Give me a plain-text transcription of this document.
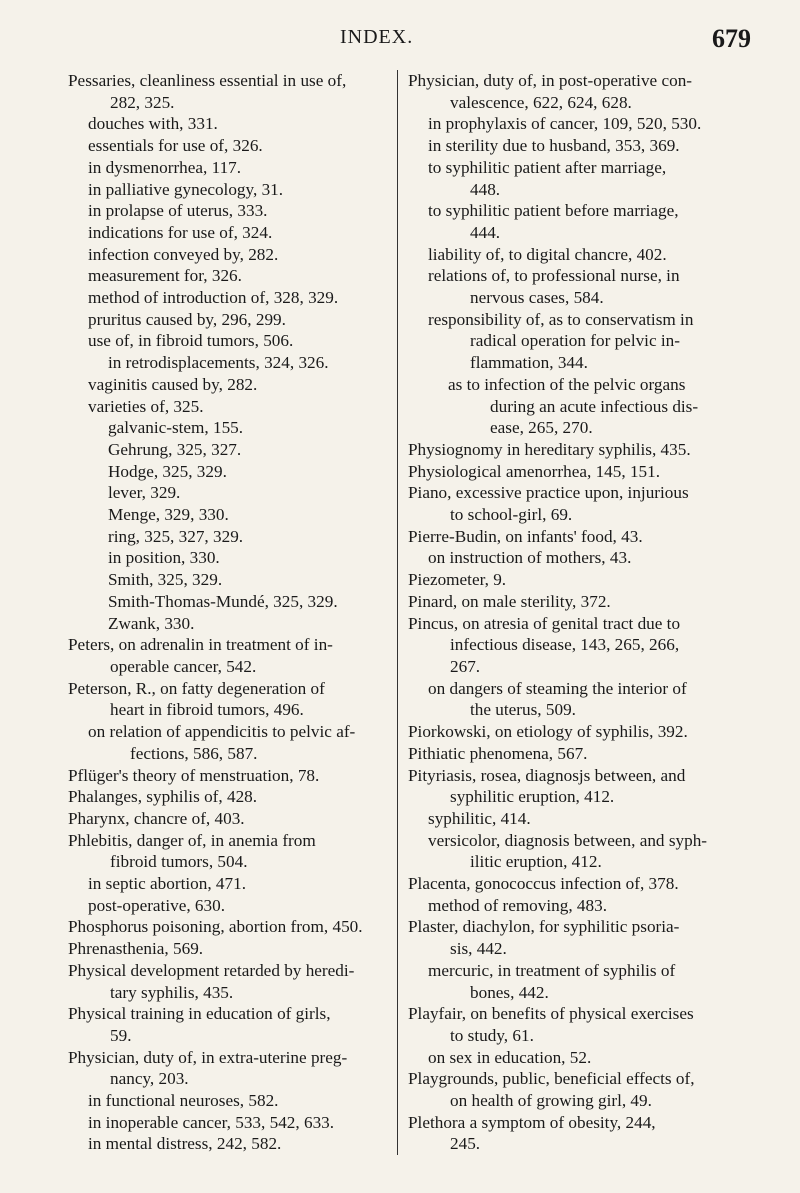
INDEX.	679
Pessaries, cleanliness essential in use of,
282, 325.
douches with, 331.
essentials for use of, 326.
in dysmenorrhea, 117.
in palliative gynecology, 31.
in prolapse of uterus, 333.
indications for use of, 324.
infection conveyed by, 282.
measurement for, 326.
method of introduction of, 328, 329.
pruritus caused by, 296, 299.
use of, in fibroid tumors, 506.
in retrodisplacements, 324, 326.
vaginitis caused by, 282.
varieties of, 325.
galvanic-stem, 155.
Gehrung, 325, 327.
Hodge, 325, 329.
lever, 329.
Menge, 329, 330.
ring, 325, 327, 329.
in position, 330.
Smith, 325, 329.
Smith-Thomas-Mundé, 325, 329.
Zwank, 330.
Peters, on adrenalin in treatment of in-
operable cancer, 542.
Peterson, R., on fatty degeneration of
heart in fibroid tumors, 496.
on relation of appendicitis to pelvic af-
fections, 586, 587.
Pflüger's theory of menstruation, 78.
Phalanges, syphilis of, 428.
Pharynx, chancre of, 403.
Phlebitis, danger of, in anemia from
fibroid tumors, 504.
in septic abortion, 471.
post-operative, 630.
Phosphorus poisoning, abortion from, 450.
Phrenasthenia, 569.
Physical development retarded by heredi-
tary syphilis, 435.
Physical training in education of girls,
59.
Physician, duty of, in extra-uterine preg-
nancy, 203.
in functional neuroses, 582.
in inoperable cancer, 533, 542, 633.
in mental distress, 242, 582.
Physician, duty of, in post-operative con-
valescence, 622, 624, 628.
in prophylaxis of cancer, 109, 520, 530.
in sterility due to husband, 353, 369.
to syphilitic patient after marriage,
448.
to syphilitic patient before marriage,
444.
liability of, to digital chancre, 402.
relations of, to professional nurse, in
nervous cases, 584.
responsibility of, as to conservatism in
radical operation for pelvic in-
flammation, 344.
as to infection of the pelvic organs
during an acute infectious dis-
ease, 265, 270.
Physiognomy in hereditary syphilis, 435.
Physiological amenorrhea, 145, 151.
Piano, excessive practice upon, injurious
to school-girl, 69.
Pierre-Budin, on infants' food, 43.
on instruction of mothers, 43.
Piezometer, 9.
Pinard, on male sterility, 372.
Pincus, on atresia of genital tract due to
infectious disease, 143, 265, 266,
267.
on dangers of steaming the interior of
the uterus, 509.
Piorkowski, on etiology of syphilis, 392.
Pithiatic phenomena, 567.
Pityriasis, rosea, diagnosjs between, and
syphilitic eruption, 412.
syphilitic, 414.
versicolor, diagnosis between, and syph-
ilitic eruption, 412.
Placenta, gonococcus infection of, 378.
method of removing, 483.
Plaster, diachylon, for syphilitic psoria-
sis, 442.
mercuric, in treatment of syphilis of
bones, 442.
Playfair, on benefits of physical exercises
to study, 61.
on sex in education, 52.
Playgrounds, public, beneficial effects of,
on health of growing girl, 49.
Plethora a symptom of obesity, 244,
245.
